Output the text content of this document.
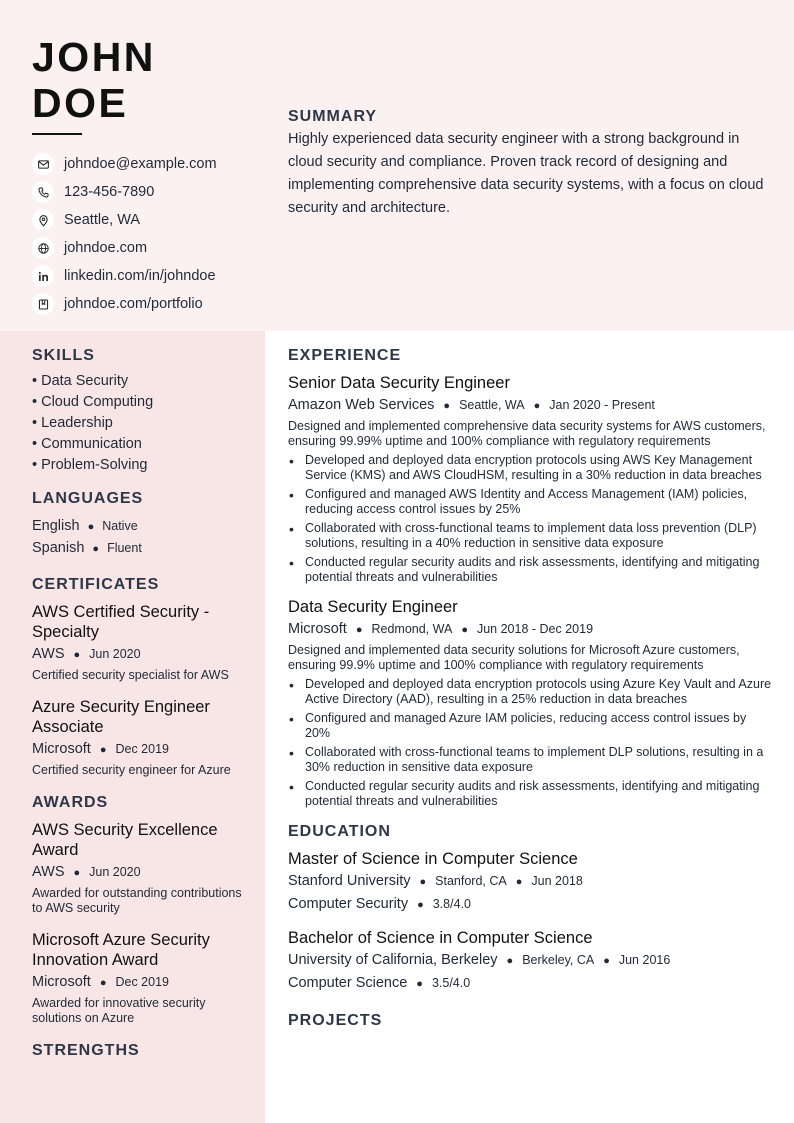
JOHN
DOE
johndoe@example.com
123-456-7890
Seattle, WA
johndoe.com
linkedin.com/in/johndoe
johndoe.com/portfolio
SUMMARY

Highly experienced data security engineer with a strong background in cloud security and compliance. Proven track record of designing and implementing comprehensive data security systems, with a focus on cloud security and architecture.

SKILLS
• Data Security
• Cloud Computing
• Leadership
• Communication
• Problem-Solving
LANGUAGES
English ● Native
Spanish ● Fluent
CERTIFICATES
AWS Certified Security - Specialty
AWS ● Jun 2020
Certified security specialist for AWS
Azure Security Engineer Associate
Microsoft ● Dec 2019
Certified security engineer for Azure
AWARDS
AWS Security Excellence Award
AWS ● Jun 2020
Awarded for outstanding contributions to AWS security
Microsoft Azure Security Innovation Award
Microsoft ● Dec 2019
Awarded for innovative security solutions on Azure
STRENGTHS
EXPERIENCE
Senior Data Security Engineer
Amazon Web Services ● Seattle, WA ● Jan 2020 - Present
Designed and implemented comprehensive data security systems for AWS customers, ensuring 99.99% uptime and 100% compliance with regulatory requirements
• Developed and deployed data encryption protocols using AWS Key Management Service (KMS) and AWS CloudHSM, resulting in a 30% reduction in data breaches
• Configured and managed AWS Identity and Access Management (IAM) policies, reducing access control issues by 25%
• Collaborated with cross-functional teams to implement data loss prevention (DLP) solutions, resulting in a 40% reduction in sensitive data exposure
• Conducted regular security audits and risk assessments, identifying and mitigating potential threats and vulnerabilities
Data Security Engineer
Microsoft ● Redmond, WA ● Jun 2018 - Dec 2019
Designed and implemented data security solutions for Microsoft Azure customers, ensuring 99.9% uptime and 100% compliance with regulatory requirements
• Developed and deployed data encryption protocols using Azure Key Vault and Azure Active Directory (AAD), resulting in a 25% reduction in data breaches
• Configured and managed Azure IAM policies, reducing access control issues by 20%
• Collaborated with cross-functional teams to implement DLP solutions, resulting in a 30% reduction in sensitive data exposure
• Conducted regular security audits and risk assessments, identifying and mitigating potential threats and vulnerabilities
EDUCATION
Master of Science in Computer Science
Stanford University ● Stanford, CA ● Jun 2018
Computer Security ● 3.8/4.0
Bachelor of Science in Computer Science
University of California, Berkeley ● Berkeley, CA ● Jun 2016
Computer Science ● 3.5/4.0
PROJECTS
